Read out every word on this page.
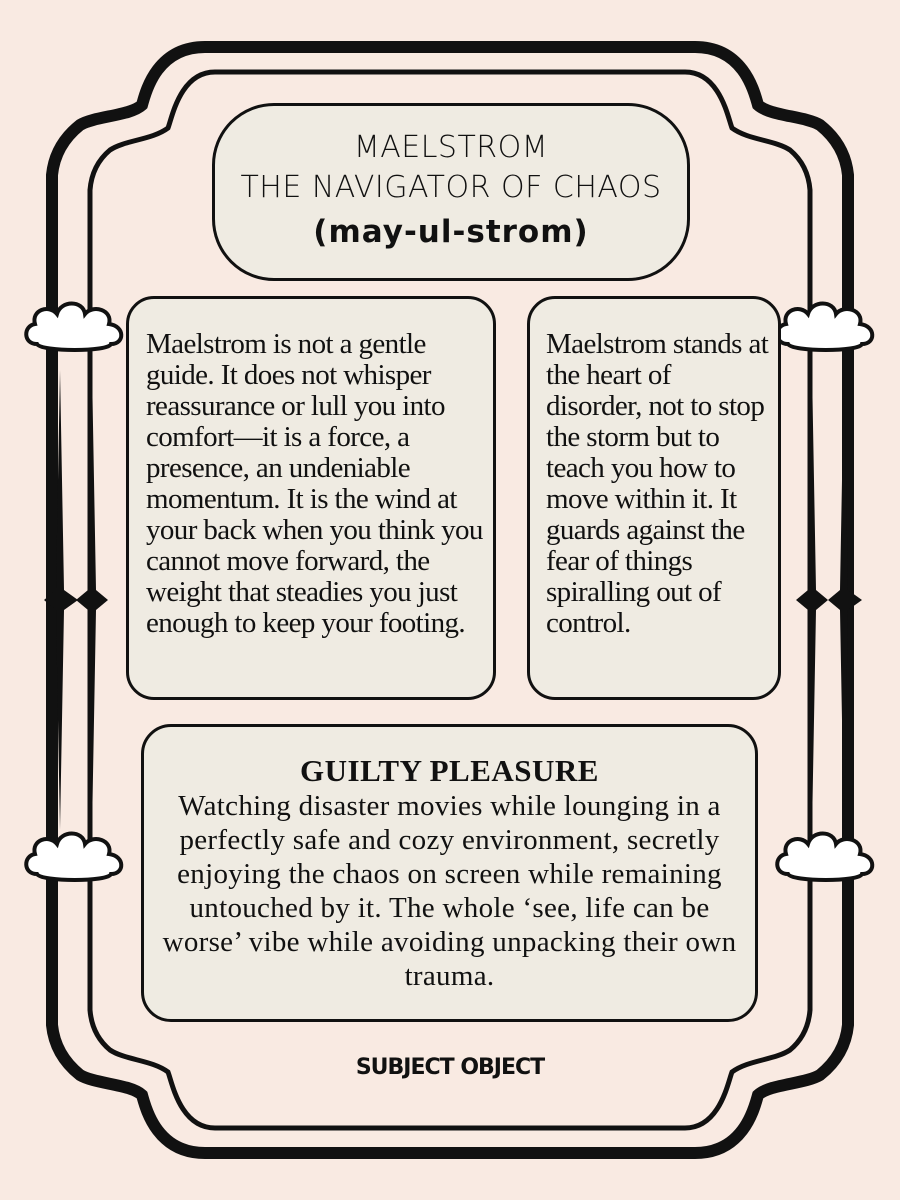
MAELSTROM
THE NAVIGATOR OF CHAOS
(may-ul-strom)

Maelstrom is not a gentle guide. It does not whisper reassurance or lull you into comfort—it is a force, a presence, an undeniable momentum. It is the wind at your back when you think you cannot move forward, the weight that steadies you just enough to keep your footing.

Maelstrom stands at the heart of disorder, not to stop the storm but to teach you how to move within it. It guards against the fear of things spiralling out of control.

GUILTY PLEASURE

Watching disaster movies while lounging in a perfectly safe and cozy environment, secretly enjoying the chaos on screen while remaining untouched by it. The whole ‘see, life can be worse’ vibe while avoiding unpacking their own trauma.

SUBJECT OBJECT
